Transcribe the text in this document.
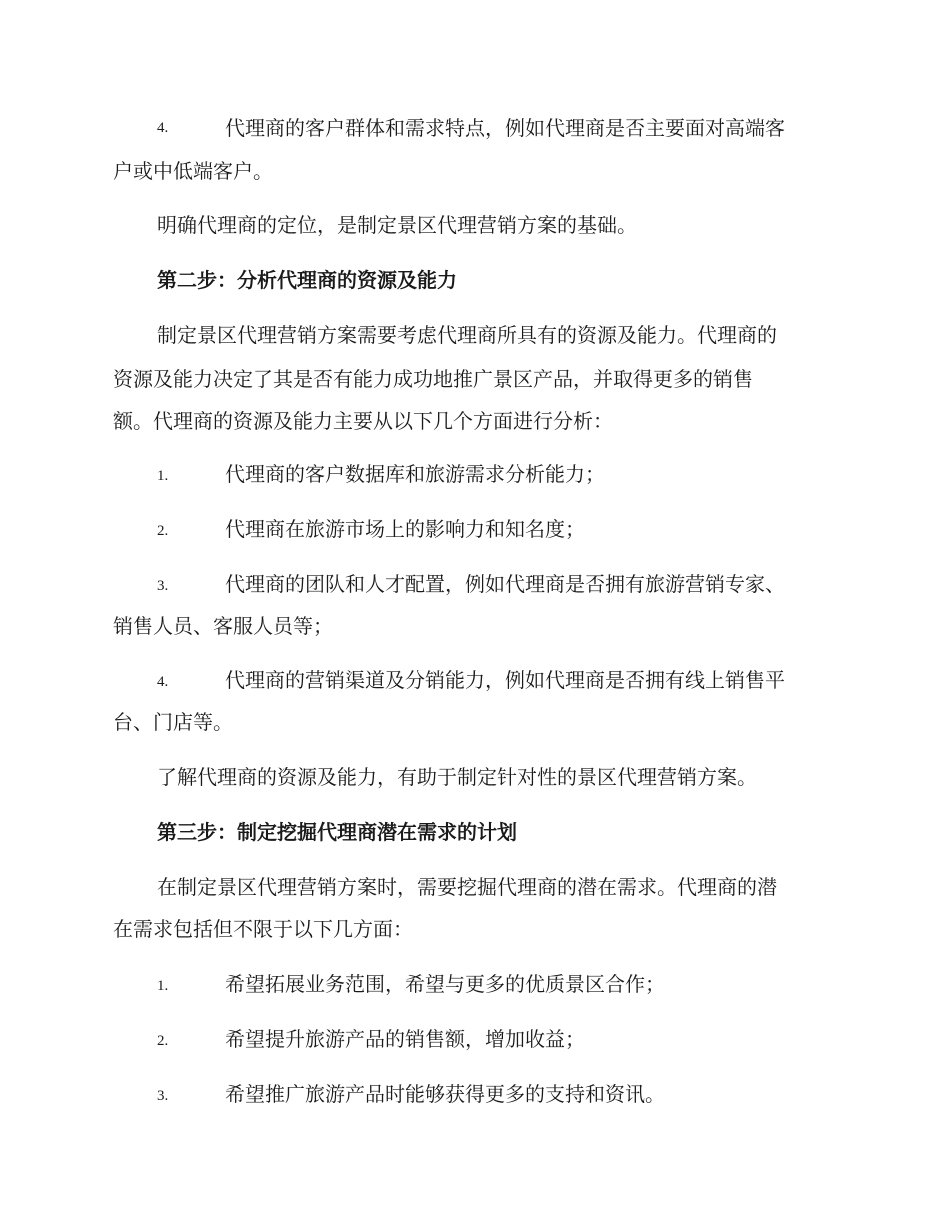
4.	代理商的客户群体和需求特点，例如代理商是否主要面对高端客
户或中低端客户。
明确代理商的定位，是制定景区代理营销方案的基础。
第二步：分析代理商的资源及能力
制定景区代理营销方案需要考虑代理商所具有的资源及能力。代理商的
资源及能力决定了其是否有能力成功地推广景区产品，并取得更多的销售
额。代理商的资源及能力主要从以下几个方面进行分析：
1.	代理商的客户数据库和旅游需求分析能力；
2.	代理商在旅游市场上的影响力和知名度；
3.	代理商的团队和人才配置，例如代理商是否拥有旅游营销专家、
销售人员、客服人员等；
4.	代理商的营销渠道及分销能力，例如代理商是否拥有线上销售平
台、门店等。
了解代理商的资源及能力，有助于制定针对性的景区代理营销方案。
第三步：制定挖掘代理商潜在需求的计划
在制定景区代理营销方案时，需要挖掘代理商的潜在需求。代理商的潜
在需求包括但不限于以下几方面：
1.	希望拓展业务范围，希望与更多的优质景区合作；
2.	希望提升旅游产品的销售额，增加收益；
3.	希望推广旅游产品时能够获得更多的支持和资讯。
